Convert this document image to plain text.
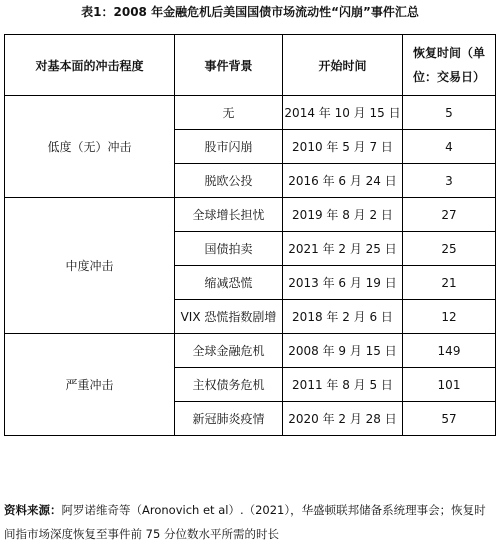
表1：2008 年金融危机后美国国债市场流动性“闪崩”事件汇总
对基本面的冲击程度	事件背景	开始时间	恢复时间（单位：交易日）
低度（无）冲击	无	2014 年 10 月 15 日	5
	股市闪崩	2010 年 5 月 7 日	4
	脱欧公投	2016 年 6 月 24 日	3
中度冲击	全球增长担忧	2019 年 8 月 2 日	27
	国债拍卖	2021 年 2 月 25 日	25
	缩减恐慌	2013 年 6 月 19 日	21
	VIX 恐慌指数剧增	2018 年 2 月 6 日	12
严重冲击	全球金融危机	2008 年 9 月 15 日	149
	主权债务危机	2011 年 8 月 5 日	101
	新冠肺炎疫情	2020 年 2 月 28 日	57
资料来源：阿罗诺维奇等（Aronovich et al）.（2021），华盛顿联邦储备系统理事会；恢复时间指市场深度恢复至事件前 75 分位数水平所需的时长
